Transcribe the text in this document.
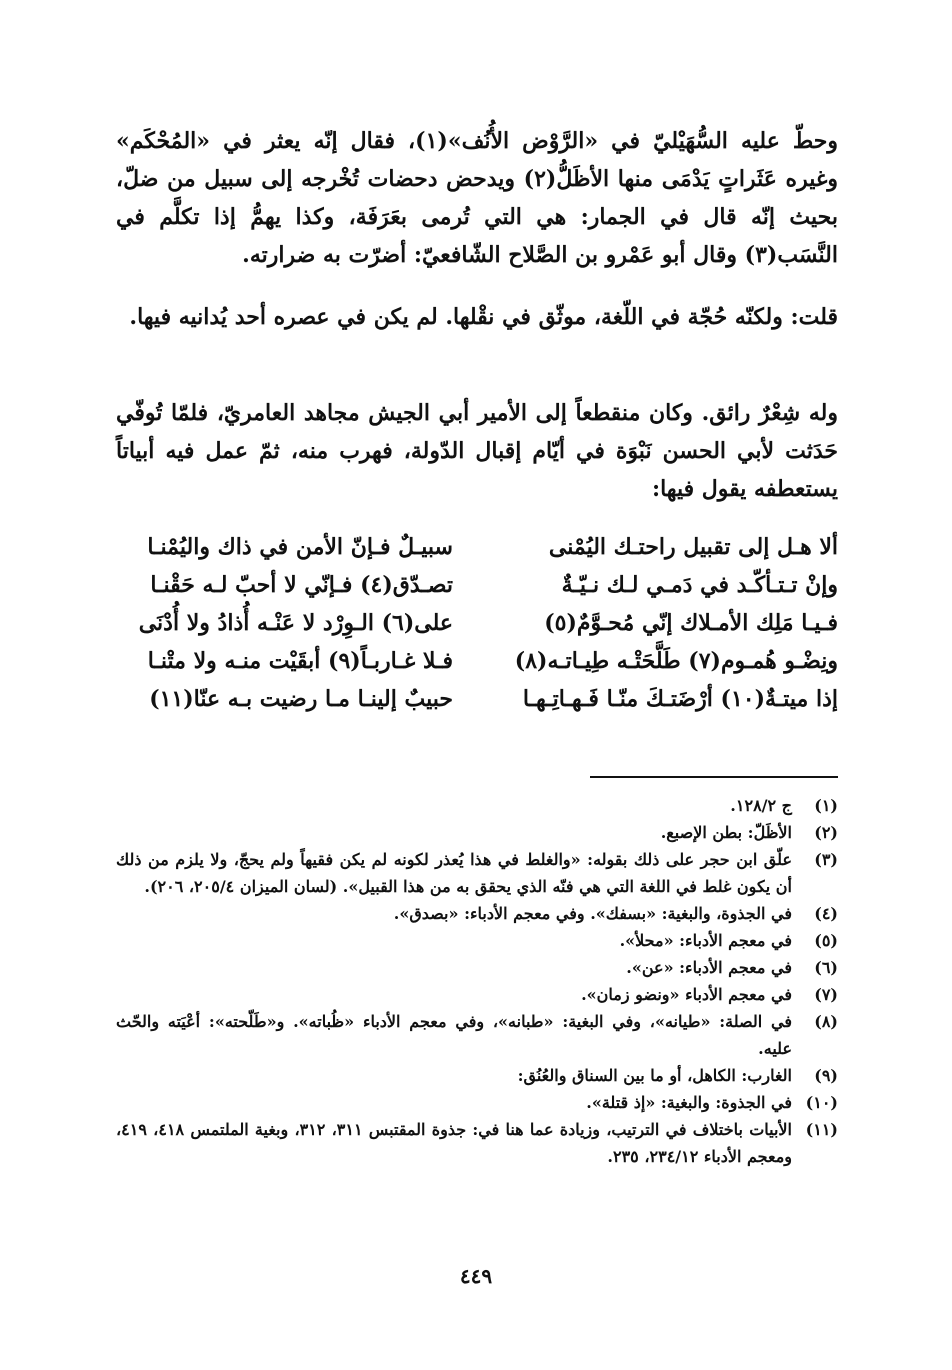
وحطّ عليه السُّهَيْليّ في «الرَّوْض الأُنُف»(١)، فقال إنّه يعثر في «المُحْكَم» وغيره عَثَراتٍ يَدْمَى منها الأظَلُّ(٢) ويدحض دحضات تُخْرجه إلى سبيل من ضلّ، بحيث إنّه قال في الجمار: هي التي تُرمى بعَرَفَة، وكذا يهمُّ إذا تكلَّم في النَّسَب(٣) وقال أبو عَمْرو بن الصَّلاح الشّافعيّ: أضرّت به ضرارته.

قلت: ولكنّه حُجّة في اللّغة، موثّق في نقْلها. لم يكن في عصره أحد يُدانيه فيها.

وله شِعْرٌ رائق. وكان منقطعاً إلى الأمير أبي الجيش مجاهد العامريّ، فلمّا تُوفّي حَدَثت لأبي الحسن نَبْوَة في أيّام إقبال الدّولة، فهرب منه، ثمّ عمل فيه أبياتاً يستعطفه يقول فيها:

ألا هـل إلى تقبيل راحتـك اليُمْنى
سبيـلٌ فـإنّ الأمن في ذاك واليُمْنـا
وإنْ تـتـأكّـد في دَمـي لـك نـيّـةٌ
تصـدّق(٤) فـإنّي لا أحبّ لـه حَقْنـا
فـيـا مَلِك الأمـلاك إنّي مُحـوَّمٌ(٥)
على(٦) الـوِرْد لا عَنْـه أُذادُ ولا أُدْنَى
ونِضْـو هُمـوم(٧) طَلَّحَتْـه طِيـاتـه(٨)
فـلا غـاربـاً(٩) أبقَيْت منـه ولا متْنـا
إذا ميتـةٌ(١٠) أرْضَتـكَ منّـا فَـهـاتِـهـا
حبيبٌ إلينـا مـا رضيت بـه عنّا(١١)
(١)
ج ١٢٨/٢.
(٢)
الأظَلّ: بطن الإصبع.
(٣)
علّق ابن حجر على ذلك بقوله: «والغلط في هذا يُعذر لكونه لم يكن فقيهاً ولم يحجّ، ولا يلزم من ذلك أن يكون غلط في اللغة التي هي فنّه الذي يحقق به من هذا القبيل». (لسان الميزان ٢٠٥/٤، ٢٠٦).
(٤)
في الجذوة، والبغية: «بسفك». وفي معجم الأدباء: «بصدق».
(٥)
في معجم الأدباء: «محلأ».
(٦)
في معجم الأدباء: «عن».
(٧)
في معجم الأدباء «ونضو زمان».
(٨)
في الصلة: «طيانه»، وفي البغية: «طبانه»، وفي معجم الأدباء «ظُباته». و«طَلّحته»: أعْيَته والحّث عليه.
(٩)
الغارب: الكاهل، أو ما بين السناق والعُنُق:
(١٠)
في الجذوة: والبغية: «إذ قتلة».
(١١)
الأبيات باختلاف في الترتيب، وزيادة عما هنا في: جذوة المقتبس ٣١١، ٣١٢، وبغية الملتمس ٤١٨، ٤١٩، ومعجم الأدباء ٢٣٤/١٢، ٢٣٥.
٤٤٩
